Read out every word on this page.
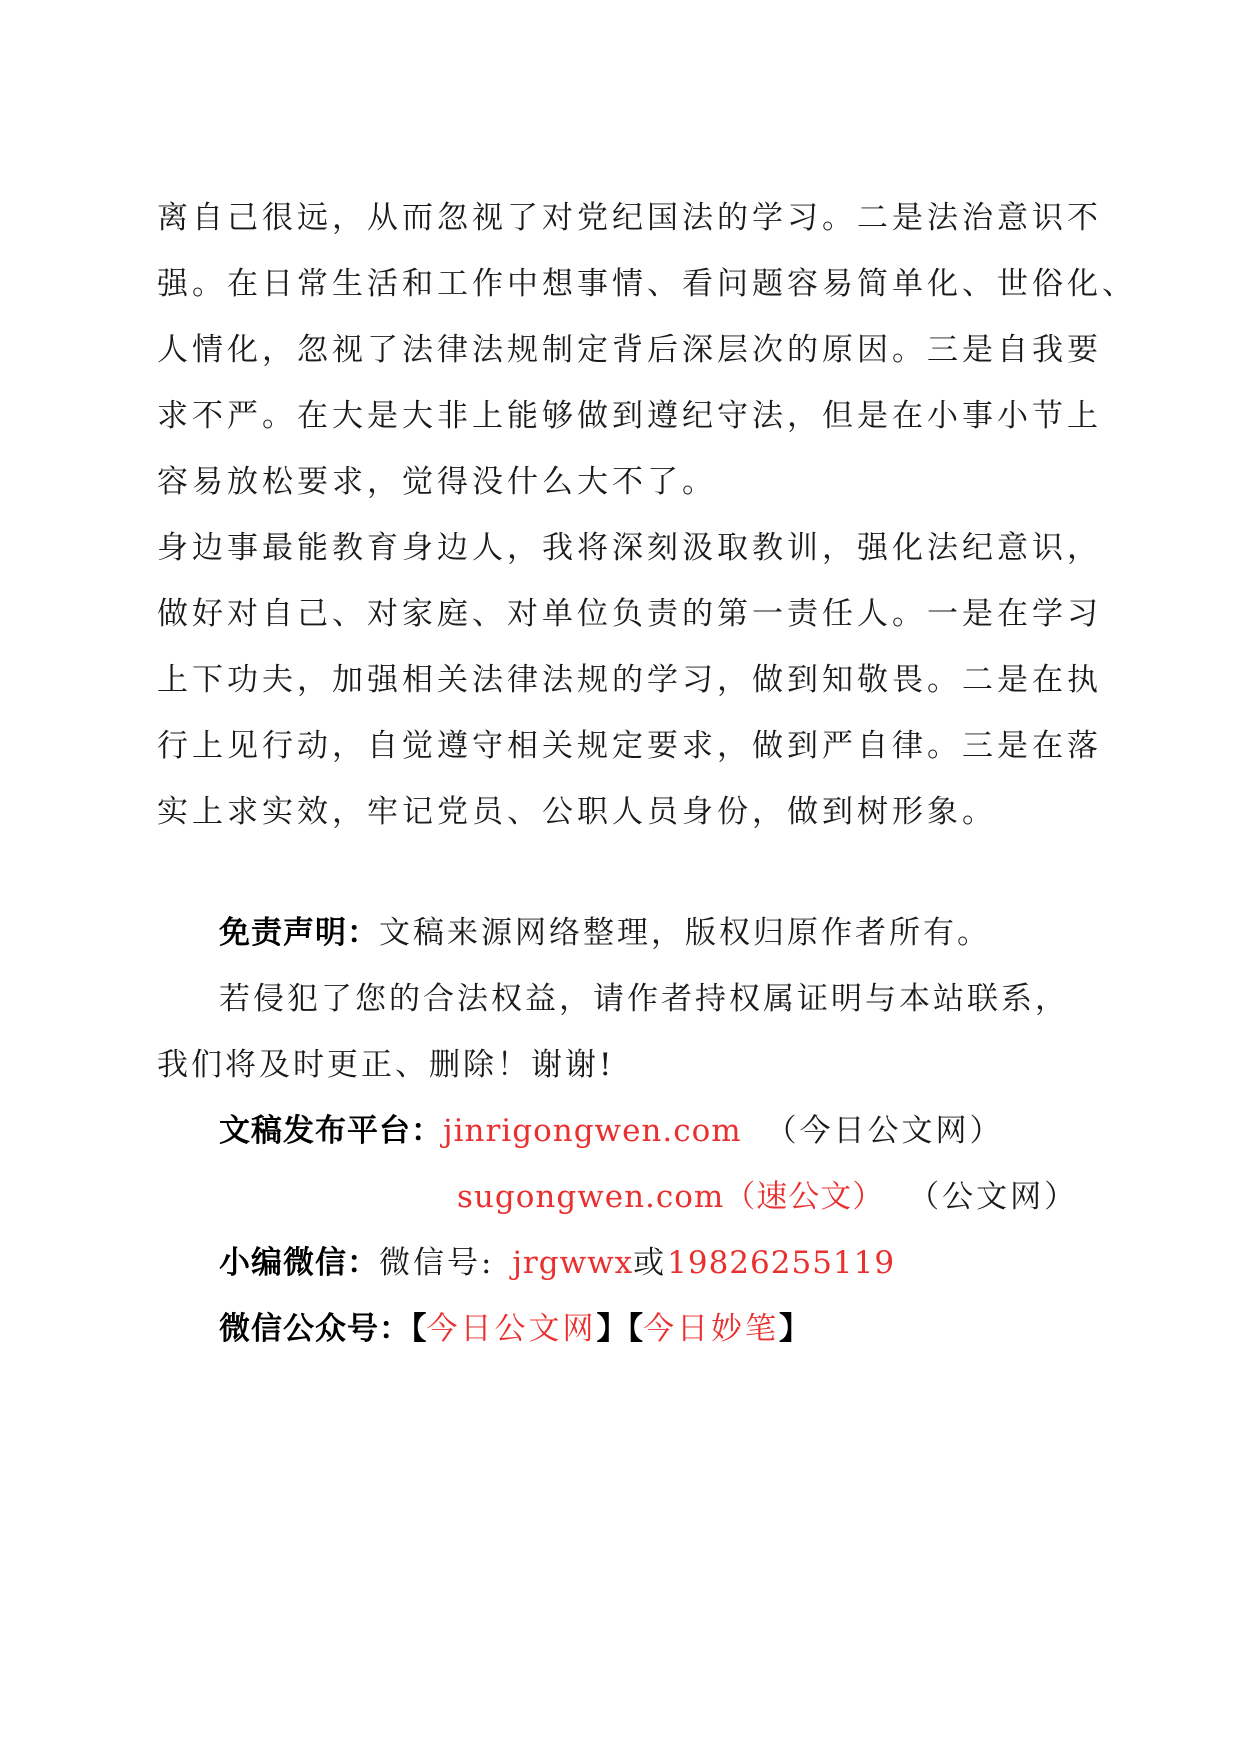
离自己很远，从而忽视了对党纪国法的学习。二是法治意识不
强。在日常生活和工作中想事情、看问题容易简单化、世俗化、
人情化，忽视了法律法规制定背后深层次的原因。三是自我要
求不严。在大是大非上能够做到遵纪守法，但是在小事小节上
容易放松要求，觉得没什么大不了。
身边事最能教育身边人，我将深刻汲取教训，强化法纪意识，
做好对自己、对家庭、对单位负责的第一责任人。一是在学习
上下功夫，加强相关法律法规的学习，做到知敬畏。二是在执
行上见行动，自觉遵守相关规定要求，做到严自律。三是在落
实上求实效，牢记党员、公职人员身份，做到树形象。
免责声明：文稿来源网络整理，版权归原作者所有。
若侵犯了您的合法权益，请作者持权属证明与本站联系，
我们将及时更正、删除！谢谢!
文稿发布平台：jinrigongwen.com （今日公文网）
sugongwen.com（速公文） （公文网）
小编微信：微信号: jrgwwx或19826255119
微信公众号：【今日公文网】【今日妙笔】
